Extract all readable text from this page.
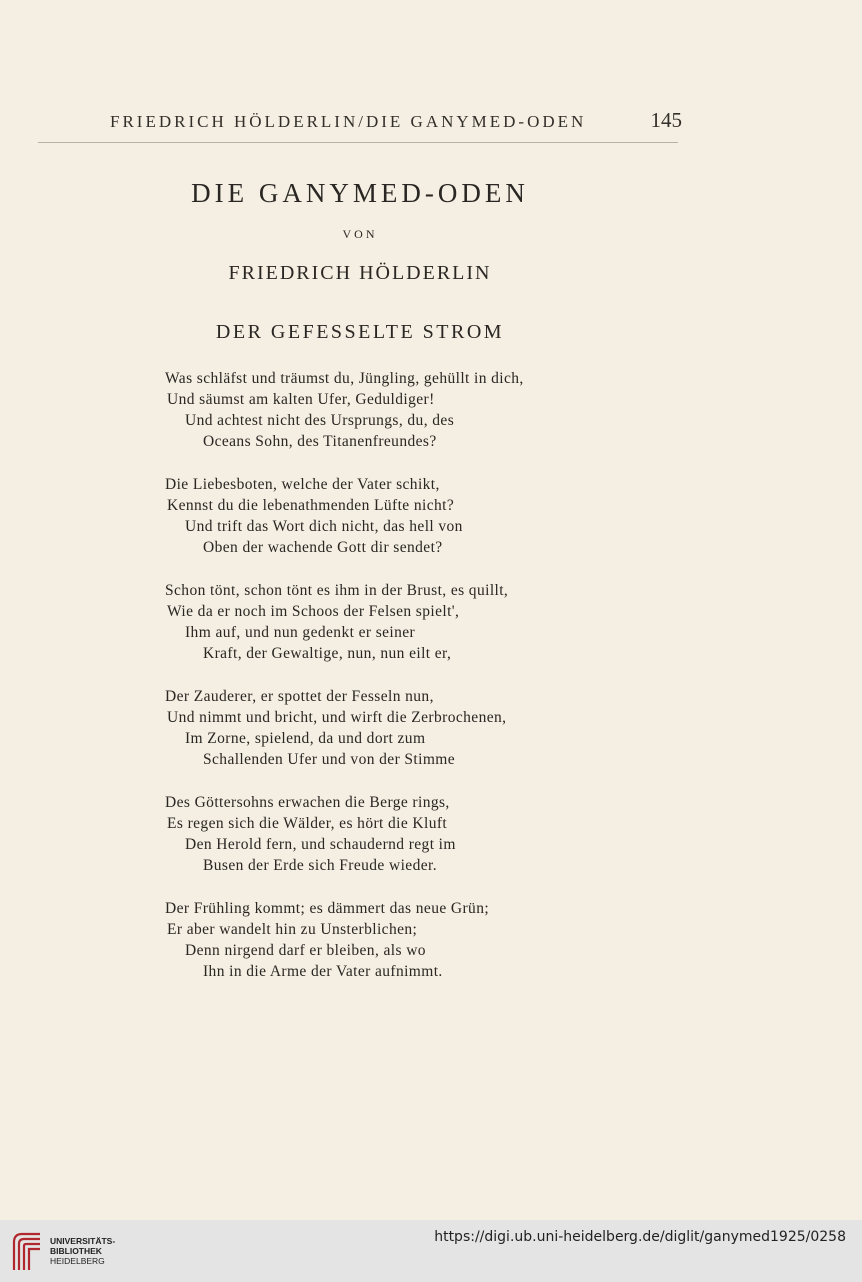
FRIEDRICH HÖLDERLIN/DIE GANYMED-ODEN	145
DIE GANYMED-ODEN
VON
FRIEDRICH HÖLDERLIN
DER GEFESSELTE STROM
Was schläfst und träumst du, Jüngling, gehüllt in dich,
Und säumst am kalten Ufer, Geduldiger!
Und achtest nicht des Ursprungs, du, des
Oceans Sohn, des Titanenfreundes?
Die Liebesboten, welche der Vater schikt,
Kennst du die lebenathmenden Lüfte nicht?
Und trift das Wort dich nicht, das hell von
Oben der wachende Gott dir sendet?
Schon tönt, schon tönt es ihm in der Brust, es quillt,
Wie da er noch im Schoos der Felsen spielt',
Ihm auf, und nun gedenkt er seiner
Kraft, der Gewaltige, nun, nun eilt er,
Der Zauderer, er spottet der Fesseln nun,
Und nimmt und bricht, und wirft die Zerbrochenen,
Im Zorne, spielend, da und dort zum
Schallenden Ufer und von der Stimme
Des Göttersohns erwachen die Berge rings,
Es regen sich die Wälder, es hört die Kluft
Den Herold fern, und schaudernd regt im
Busen der Erde sich Freude wieder.
Der Frühling kommt; es dämmert das neue Grün;
Er aber wandelt hin zu Unsterblichen;
Denn nirgend darf er bleiben, als wo
Ihn in die Arme der Vater aufnimmt.
UNIVERSITÄTS-
BIBLIOTHEK
HEIDELBERG
https://digi.ub.uni-heidelberg.de/diglit/ganymed1925/0258
